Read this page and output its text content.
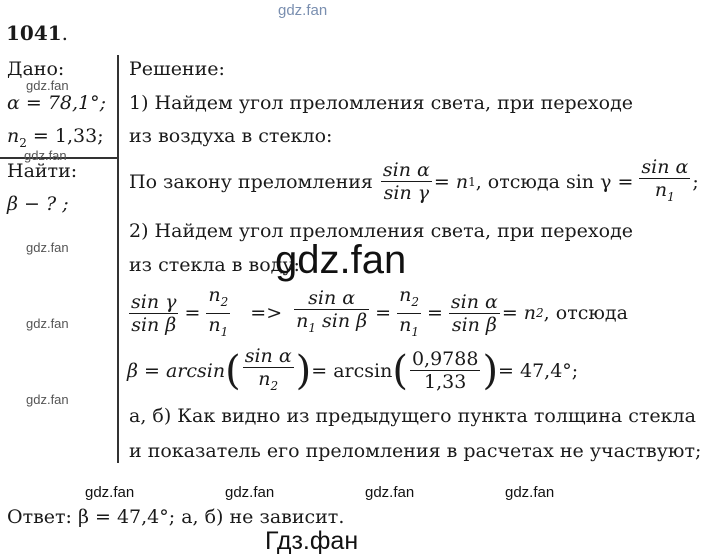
gdz.fan
1041.
Дано:
gdz.fan
α = 78,1°;
$n_2 = 1,33$;
gdz.fan
Найти:
β − ? ;
gdz.fan
gdz.fan
gdz.fan
Решение:
1) Найдем угол преломления света, при переходе
из воздуха в стекло:
По закону преломления $\frac{\text{sin α}}{\text{sin γ}} = n$ 1 , отсюда $\sin \gamma = \frac{\text{sin α}}{n_1}$ ;
2) Найдем угол преломления света, при переходе
из стекла в воду:
gdz.fan
$\frac{\text{sin γ}}{\text{sin β}} = \frac{n_2}{n_1} => \frac{\text{sin α}}{n_1 \sin \beta} = \frac{n_2}{n_1} = \frac{\text{sin α}}{\text{sin β}} = n$ 2 , отсюда
β = arcsin ( $\frac{\text{sin α}}{n_2}$ ) = arcsin ( $\frac{0,9788}{1,33}$ ) = 47,4°;
а, б) Как видно из предыдущего пункта толщина стекла
и показатель его преломления в расчетах не участвуют;
gdz.fan	gdz.fan	gdz.fan	gdz.fan
Ответ: β = 47,4°; а, б) не зависит.
Гдз.фан
